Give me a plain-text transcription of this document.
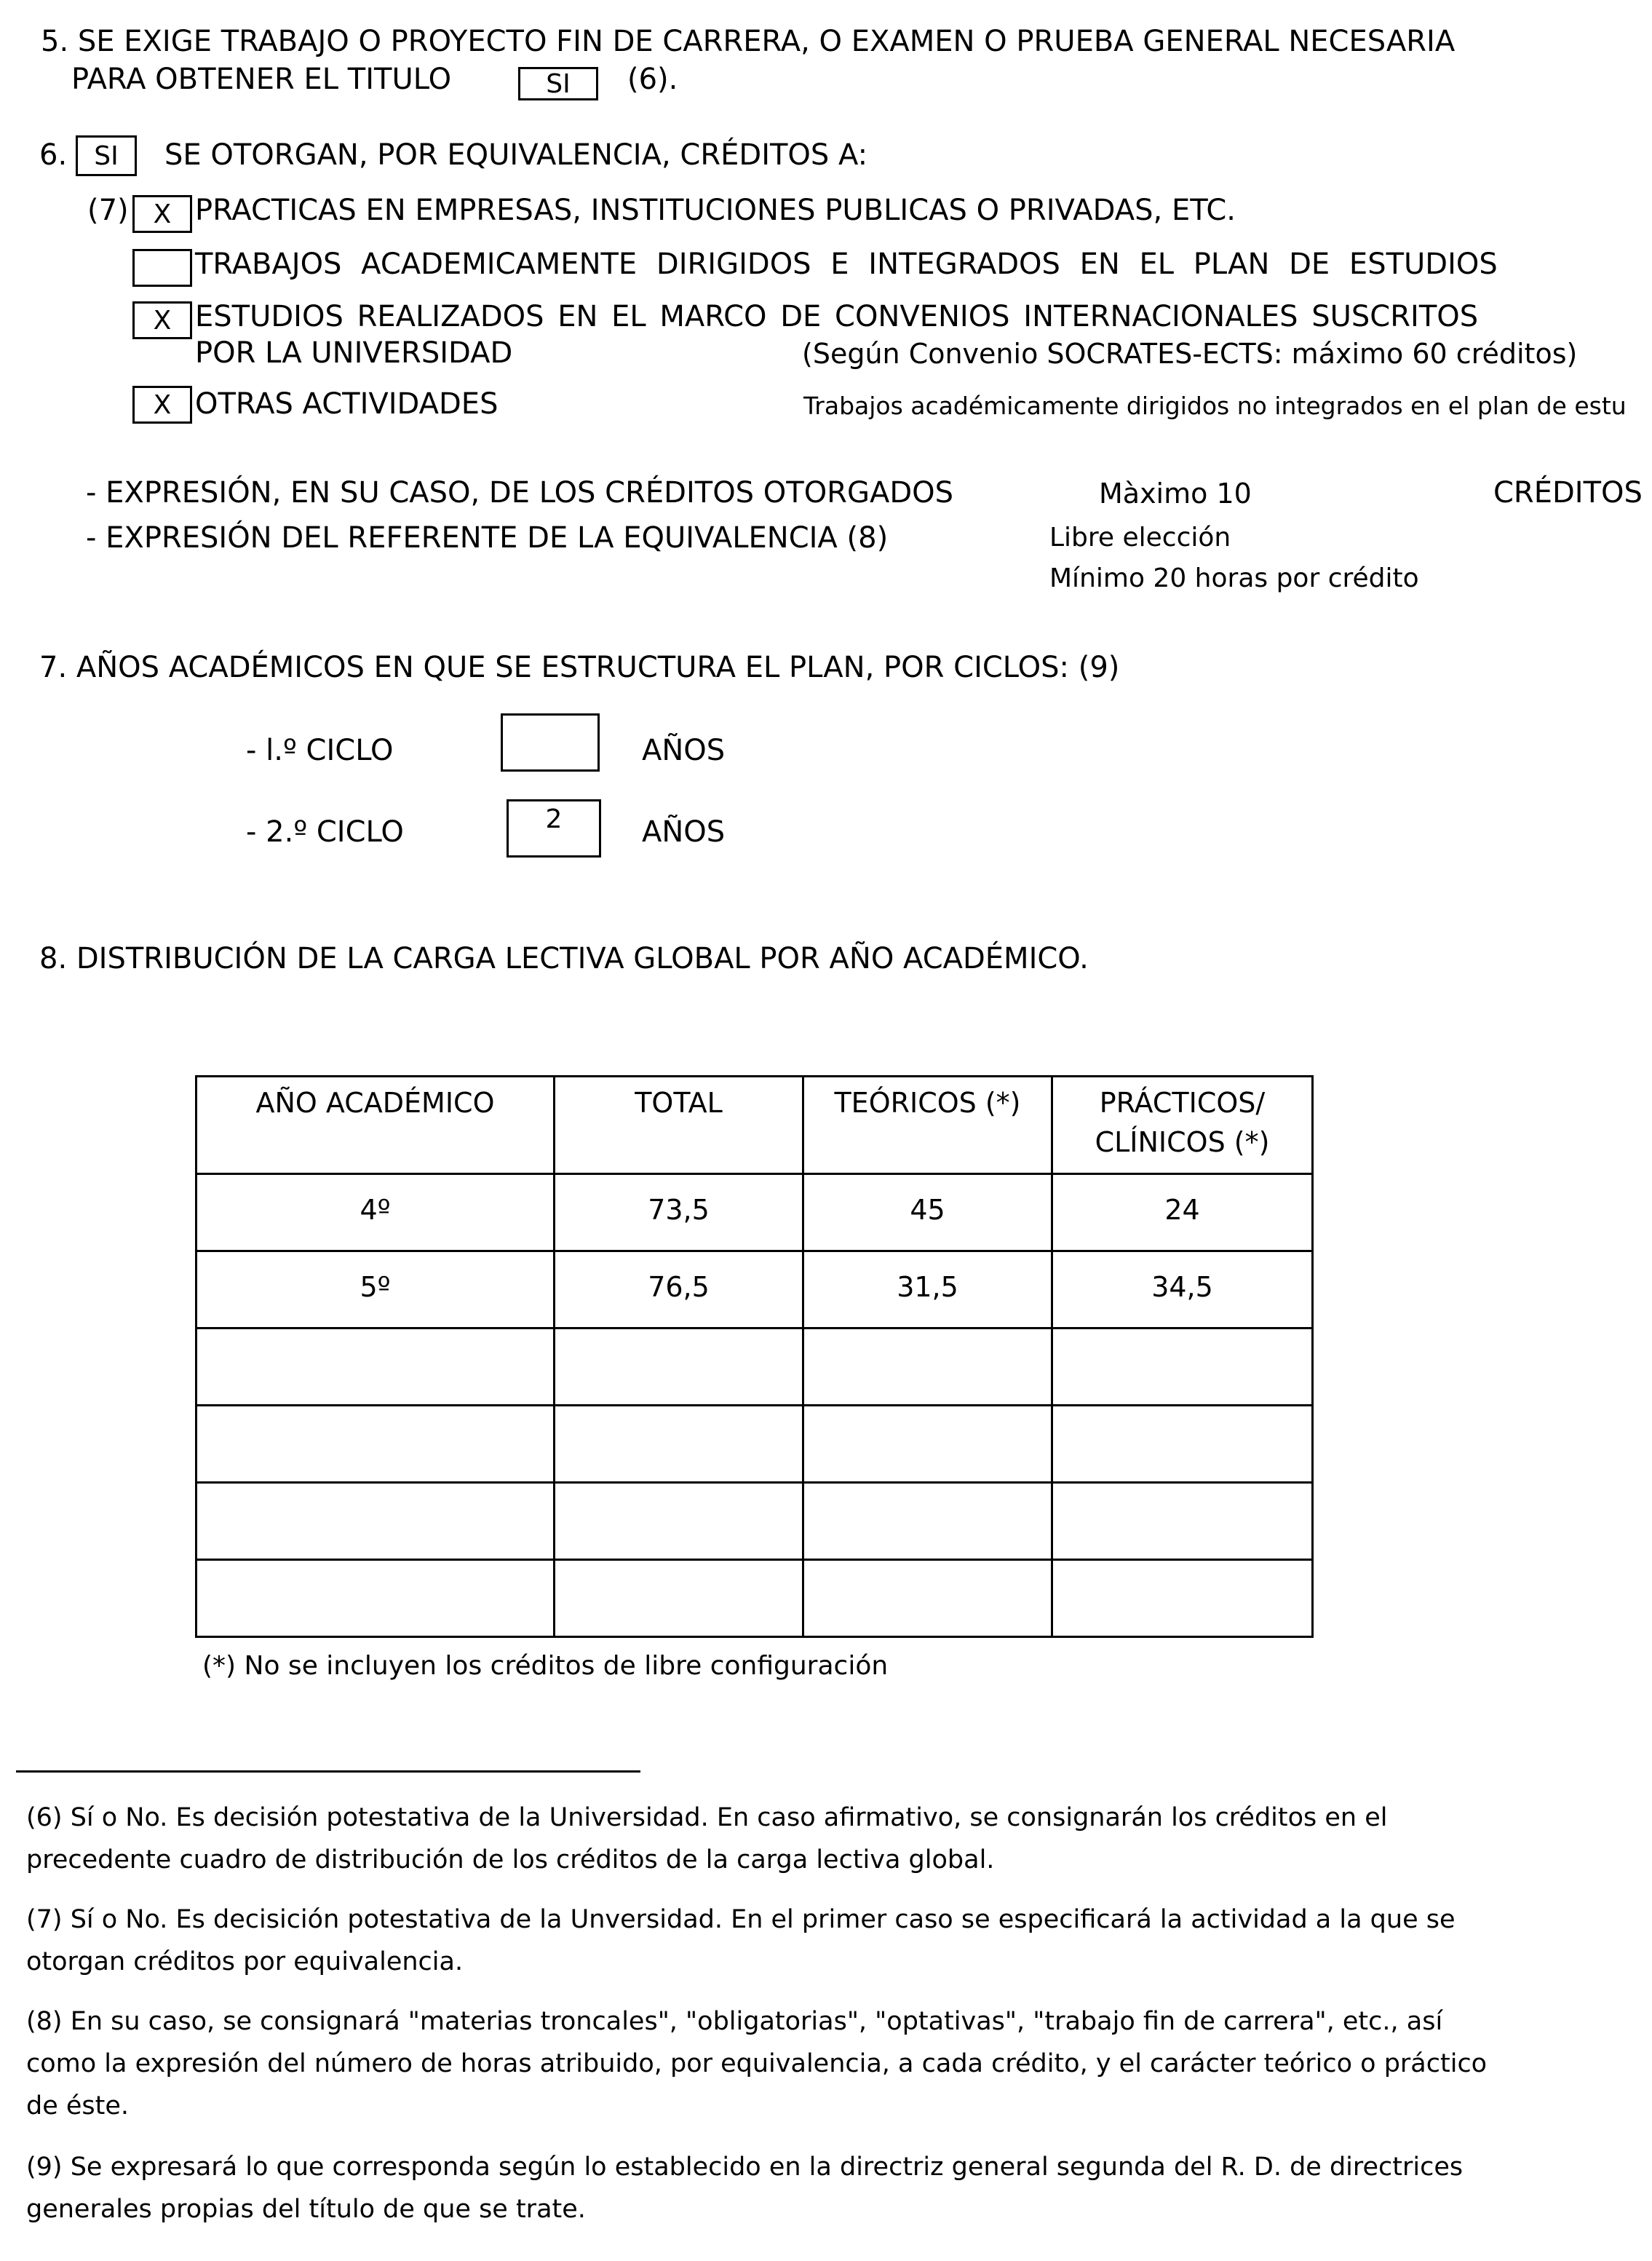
5. SE EXIGE TRABAJO O PROYECTO FIN DE CARRERA, O EXAMEN O PRUEBA GENERAL NECESARIA
PARA OBTENER EL TITULO	SI	(6).
6.	SI	SE OTORGAN, POR EQUIVALENCIA, CRÉDITOS A:
(7) X PRACTICAS EN EMPRESAS, INSTITUCIONES PUBLICAS O PRIVADAS, ETC.
TRABAJOS ACADEMICAMENTE DIRIGIDOS E INTEGRADOS EN EL PLAN DE ESTUDIOS
X ESTUDIOS REALIZADOS EN EL MARCO DE CONVENIOS INTERNACIONALES SUSCRITOS
POR LA UNIVERSIDAD	(Según Convenio SOCRATES-ECTS: máximo 60 créditos)
X OTRAS ACTIVIDADES	Trabajos académicamente dirigidos no integrados en el plan de estu
- EXPRESIÓN, EN SU CASO, DE LOS CRÉDITOS OTORGADOS	Màximo 10	CRÉDITOS
- EXPRESIÓN DEL REFERENTE DE LA EQUIVALENCIA (8)	Libre elección
Mínimo 20 horas por crédito
7. AÑOS ACADÉMICOS EN QUE SE ESTRUCTURA EL PLAN, POR CICLOS: (9)
- l.º CICLO	AÑOS
- 2.º CICLO	2	AÑOS
8. DISTRIBUCIÓN DE LA CARGA LECTIVA GLOBAL POR AÑO ACADÉMICO.
AÑO ACADÉMICO	TOTAL	TEÓRICOS (*)	PRÁCTICOS/
CLÍNICOS (*)
4º	73,5	45	24
5º	76,5	31,5	34,5

(*) No se incluyen los créditos de libre configuración
(6) Sí o No. Es decisión potestativa de la Universidad. En caso afirmativo, se consignarán los créditos en el precedente cuadro de distribución de los créditos de la carga lectiva global.
(7) Sí o No. Es decisición potestativa de la Unversidad. En el primer caso se especificará la actividad a la que se otorgan créditos por equivalencia.
(8) En su caso, se consignará "materias troncales", "obligatorias", "optativas", "trabajo fin de carrera", etc., así como la expresión del número de horas atribuido, por equivalencia, a cada crédito, y el carácter teórico o práctico de éste.
(9) Se expresará lo que corresponda según lo establecido en la directriz general segunda del R. D. de directrices generales propias del título de que se trate.
